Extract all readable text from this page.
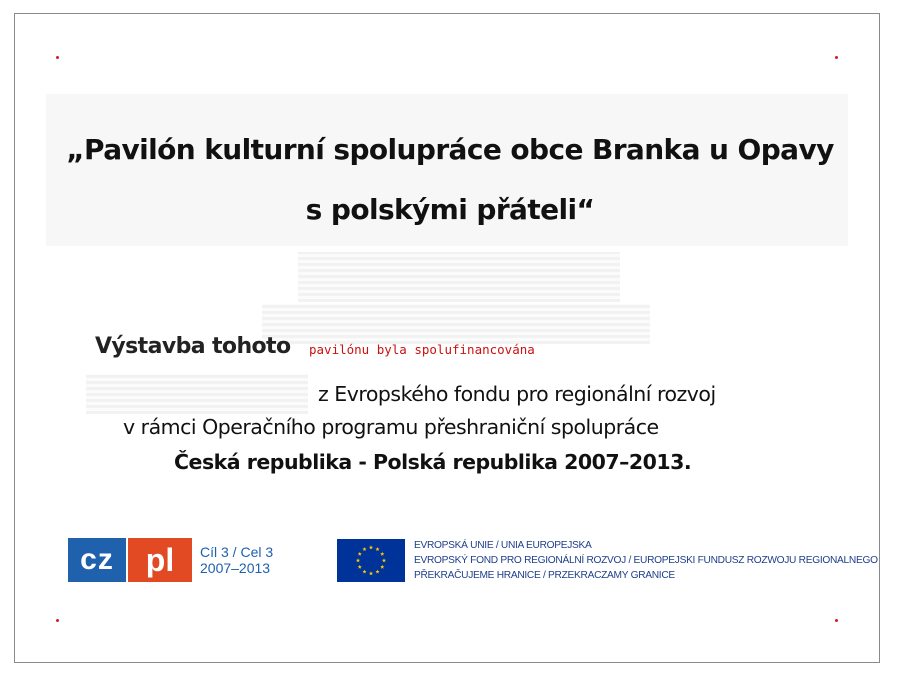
„Pavilón kulturní spolupráce obce Branka u Opavy
s polskými přáteli“
Výstavba tohoto pavilónu byla spolufinancována
z Evropského fondu pro regionální rozvoj
v rámci Operačního programu přeshraniční spolupráce
Česká republika - Polská republika 2007–2013.
cz pl	Cíl 3 / Cel 3
2007–2013
EVROPSKÁ UNIE / UNIA EUROPEJSKA
EVROPSKÝ FOND PRO REGIONÁLNÍ ROZVOJ / EUROPEJSKI FUNDUSZ ROZWOJU REGIONALNEGO
PŘEKRAČUJEME HRANICE / PRZEKRACZAMY GRANICE
